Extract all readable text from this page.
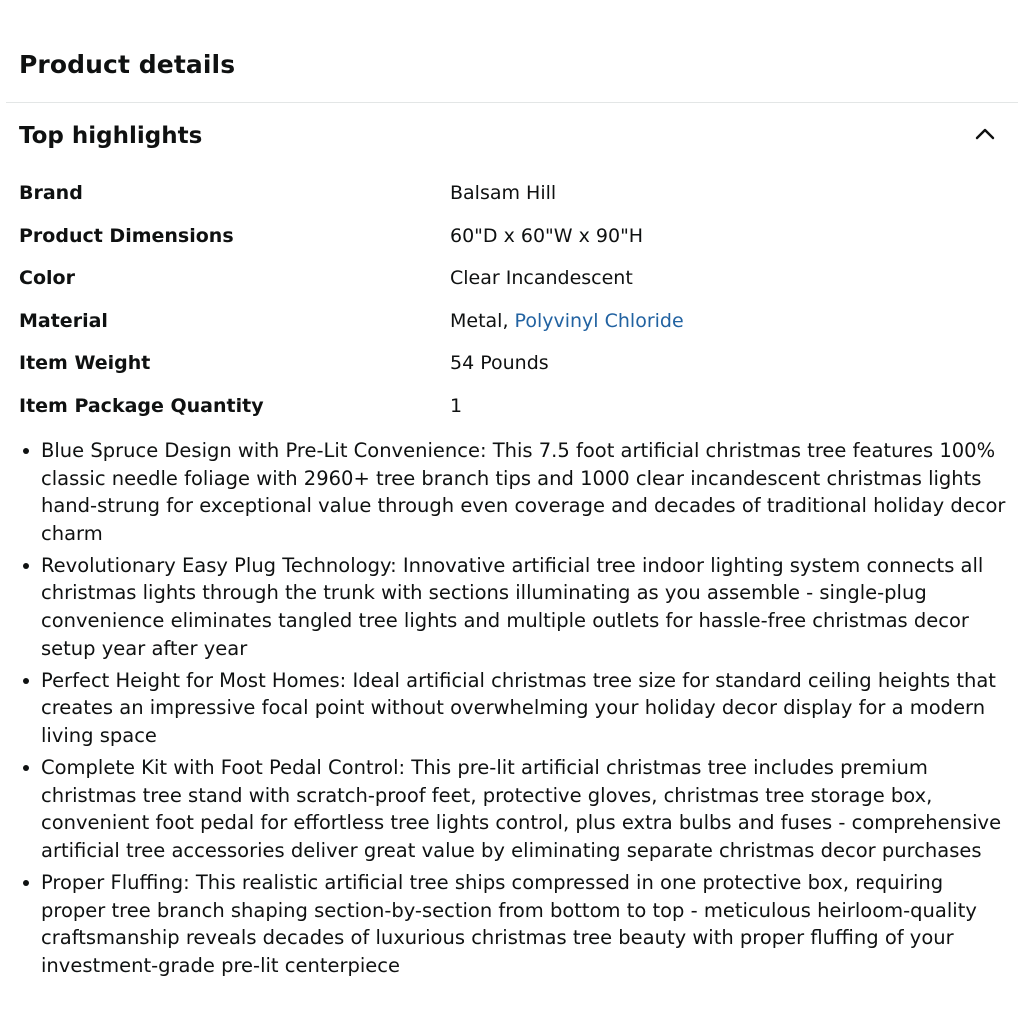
Product details
Top highlights
Brand	Balsam Hill
Product Dimensions	60"D x 60"W x 90"H
Color	Clear Incandescent
Material	Metal, Polyvinyl Chloride
Item Weight	54 Pounds
Item Package Quantity	1
Blue Spruce Design with Pre-Lit Convenience: This 7.5 foot artificial christmas tree features 100% classic needle foliage with 2960+ tree branch tips and 1000 clear incandescent christmas lights hand-strung for exceptional value through even coverage and decades of traditional holiday decor charm
Revolutionary Easy Plug Technology: Innovative artificial tree indoor lighting system connects all christmas lights through the trunk with sections illuminating as you assemble - single-plug convenience eliminates tangled tree lights and multiple outlets for hassle-free christmas decor setup year after year
Perfect Height for Most Homes: Ideal artificial christmas tree size for standard ceiling heights that creates an impressive focal point without overwhelming your holiday decor display for a modern living space
Complete Kit with Foot Pedal Control: This pre-lit artificial christmas tree includes premium christmas tree stand with scratch-proof feet, protective gloves, christmas tree storage box, convenient foot pedal for effortless tree lights control, plus extra bulbs and fuses - comprehensive artificial tree accessories deliver great value by eliminating separate christmas decor purchases
Proper Fluffing: This realistic artificial tree ships compressed in one protective box, requiring proper tree branch shaping section-by-section from bottom to top - meticulous heirloom-quality craftsmanship reveals decades of luxurious christmas tree beauty with proper fluffing of your investment-grade pre-lit centerpiece
